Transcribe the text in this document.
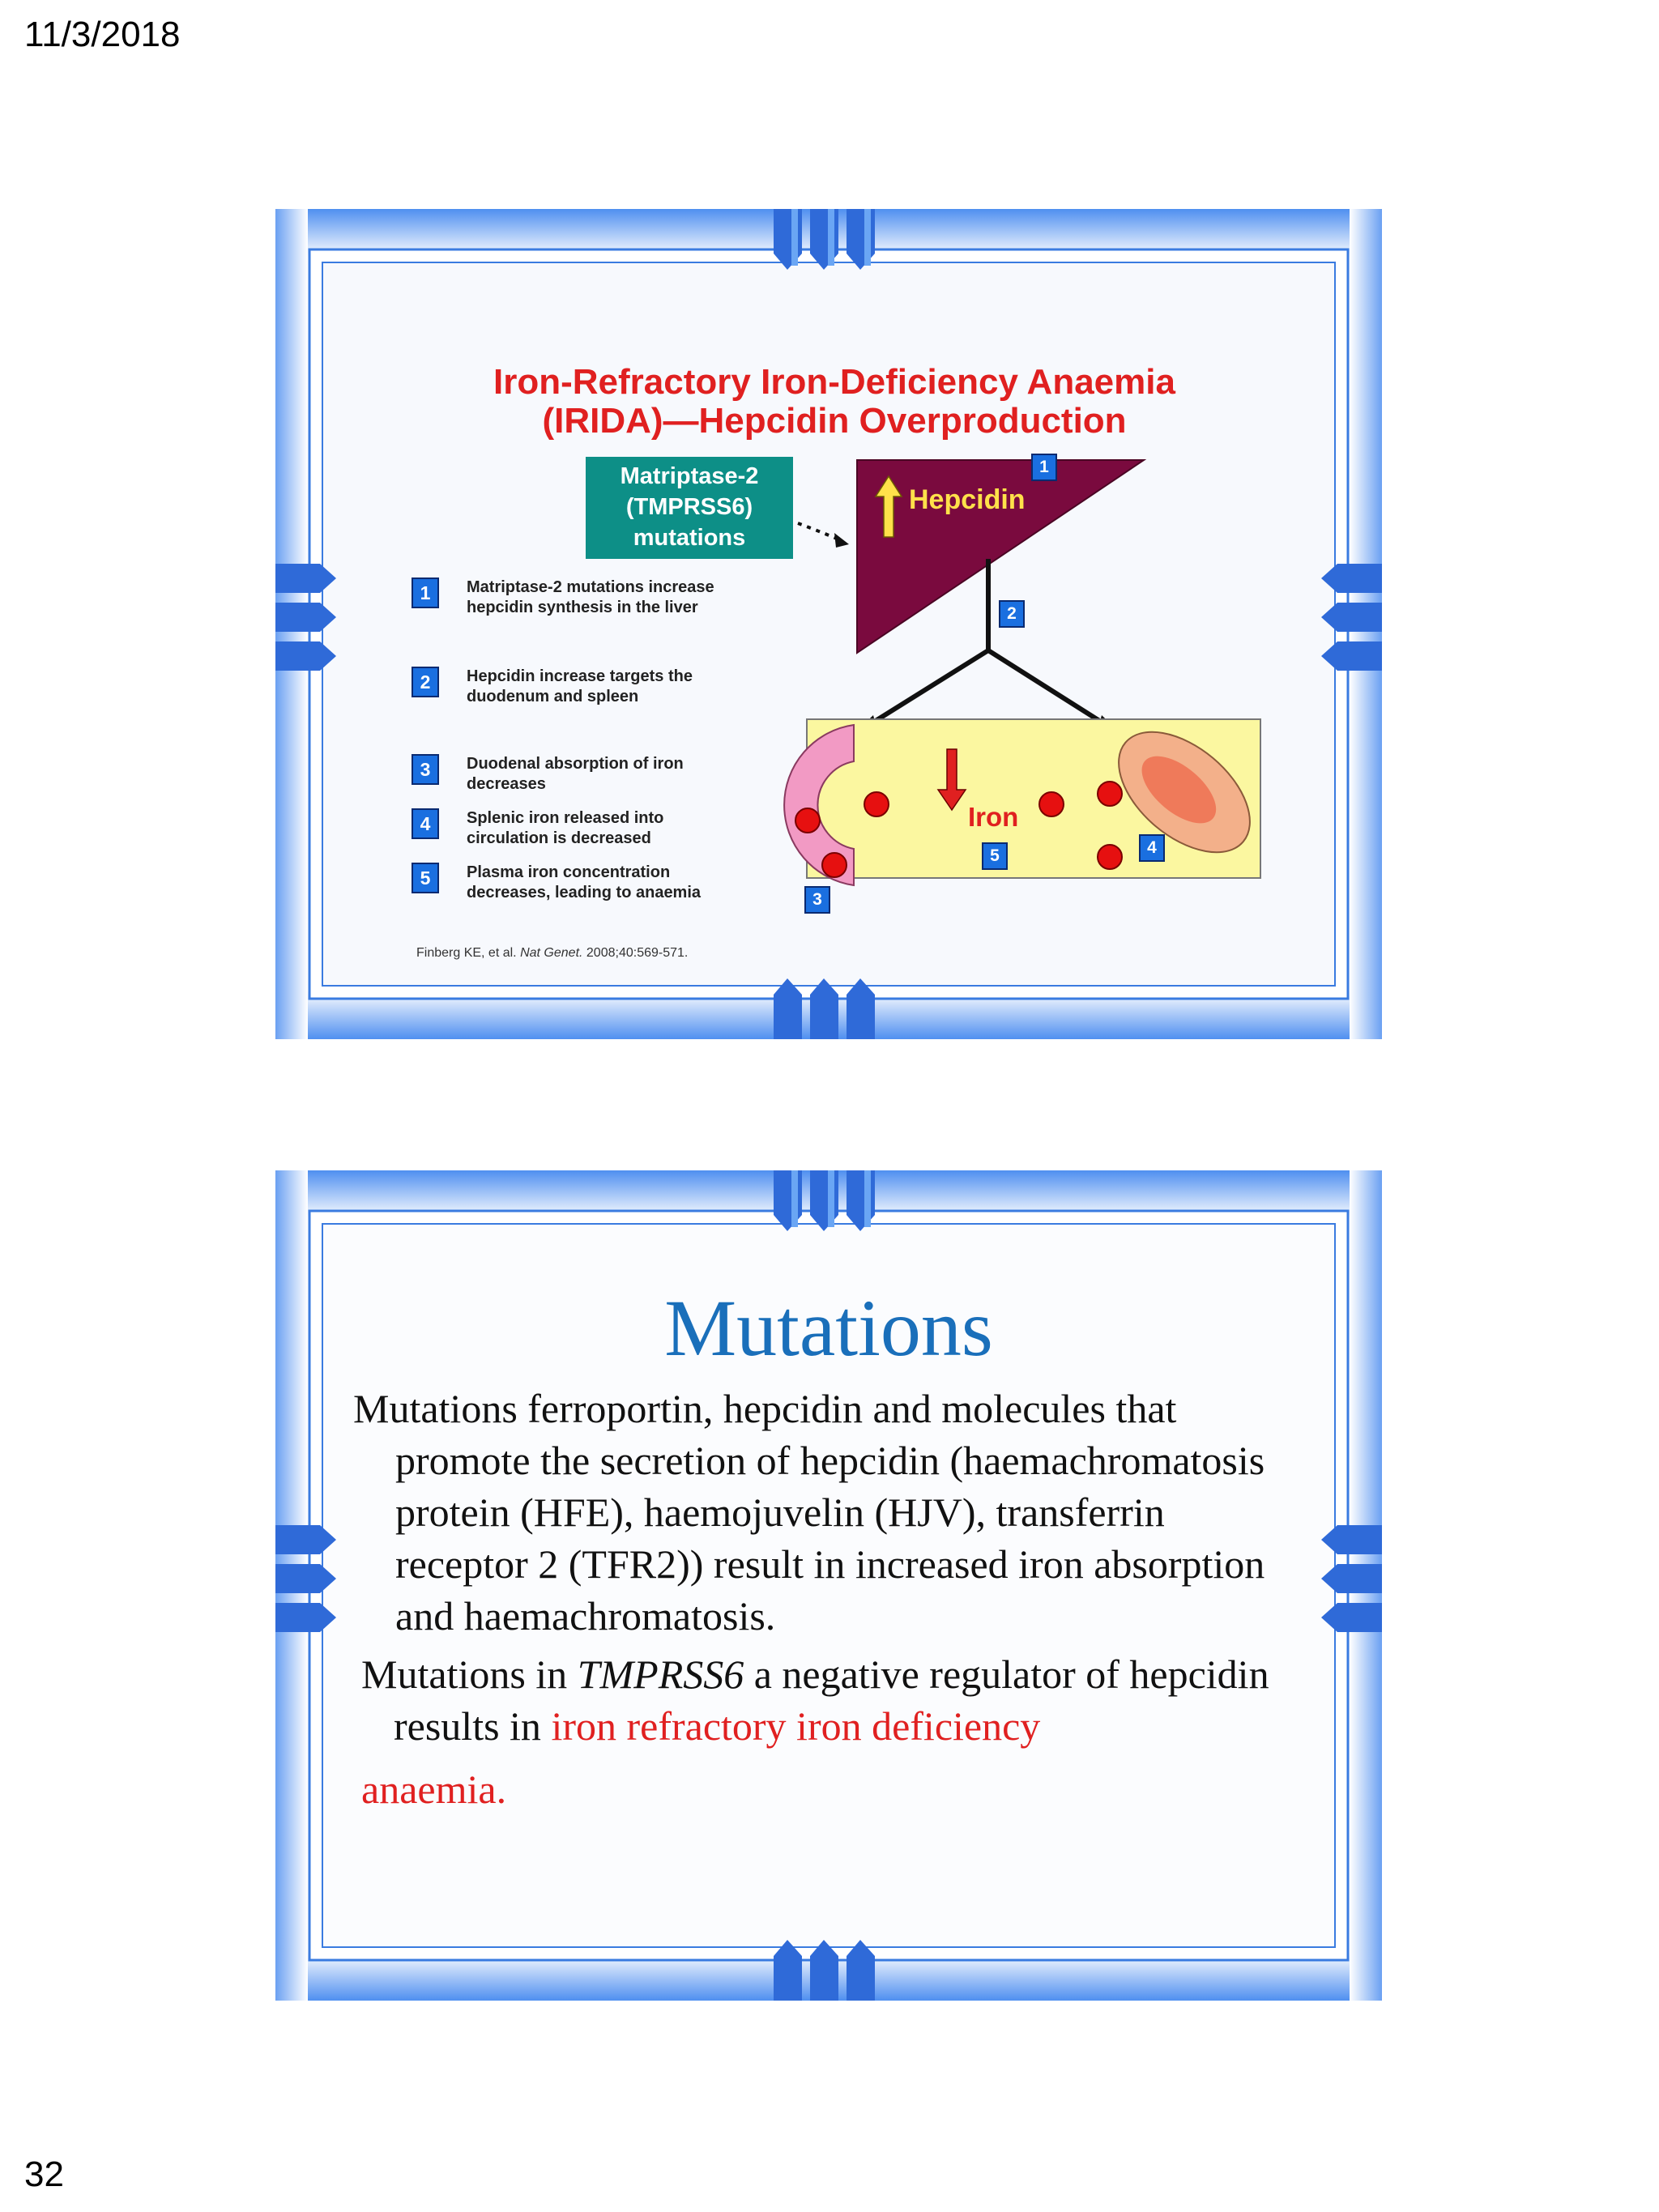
11/3/2018
Iron-Refractory Iron-Deficiency Anaemia
(IRIDA)—Hepcidin Overproduction
Matriptase-2
(TMPRSS6)
mutations
Hepcidin
Iron
1
2
3
4
5
1	Matriptase-2 mutations increase hepcidin synthesis in the liver
2	Hepcidin increase targets the duodenum and spleen
3	Duodenal absorption of iron decreases
4	Splenic iron released into circulation is decreased
5	Plasma iron concentration decreases, leading to anaemia
Finberg KE, et al. Nat Genet. 2008;40:569-571.
Mutations
Mutations ferroportin, hepcidin and molecules that promote the secretion of hepcidin (haemachromatosis protein (HFE), haemojuvelin (HJV), transferrin receptor 2 (TFR2)) result in increased iron absorption and haemachromatosis.
Mutations in TMPRSS6 a negative regulator of hepcidin results in iron refractory iron deficiency
anaemia.
32
